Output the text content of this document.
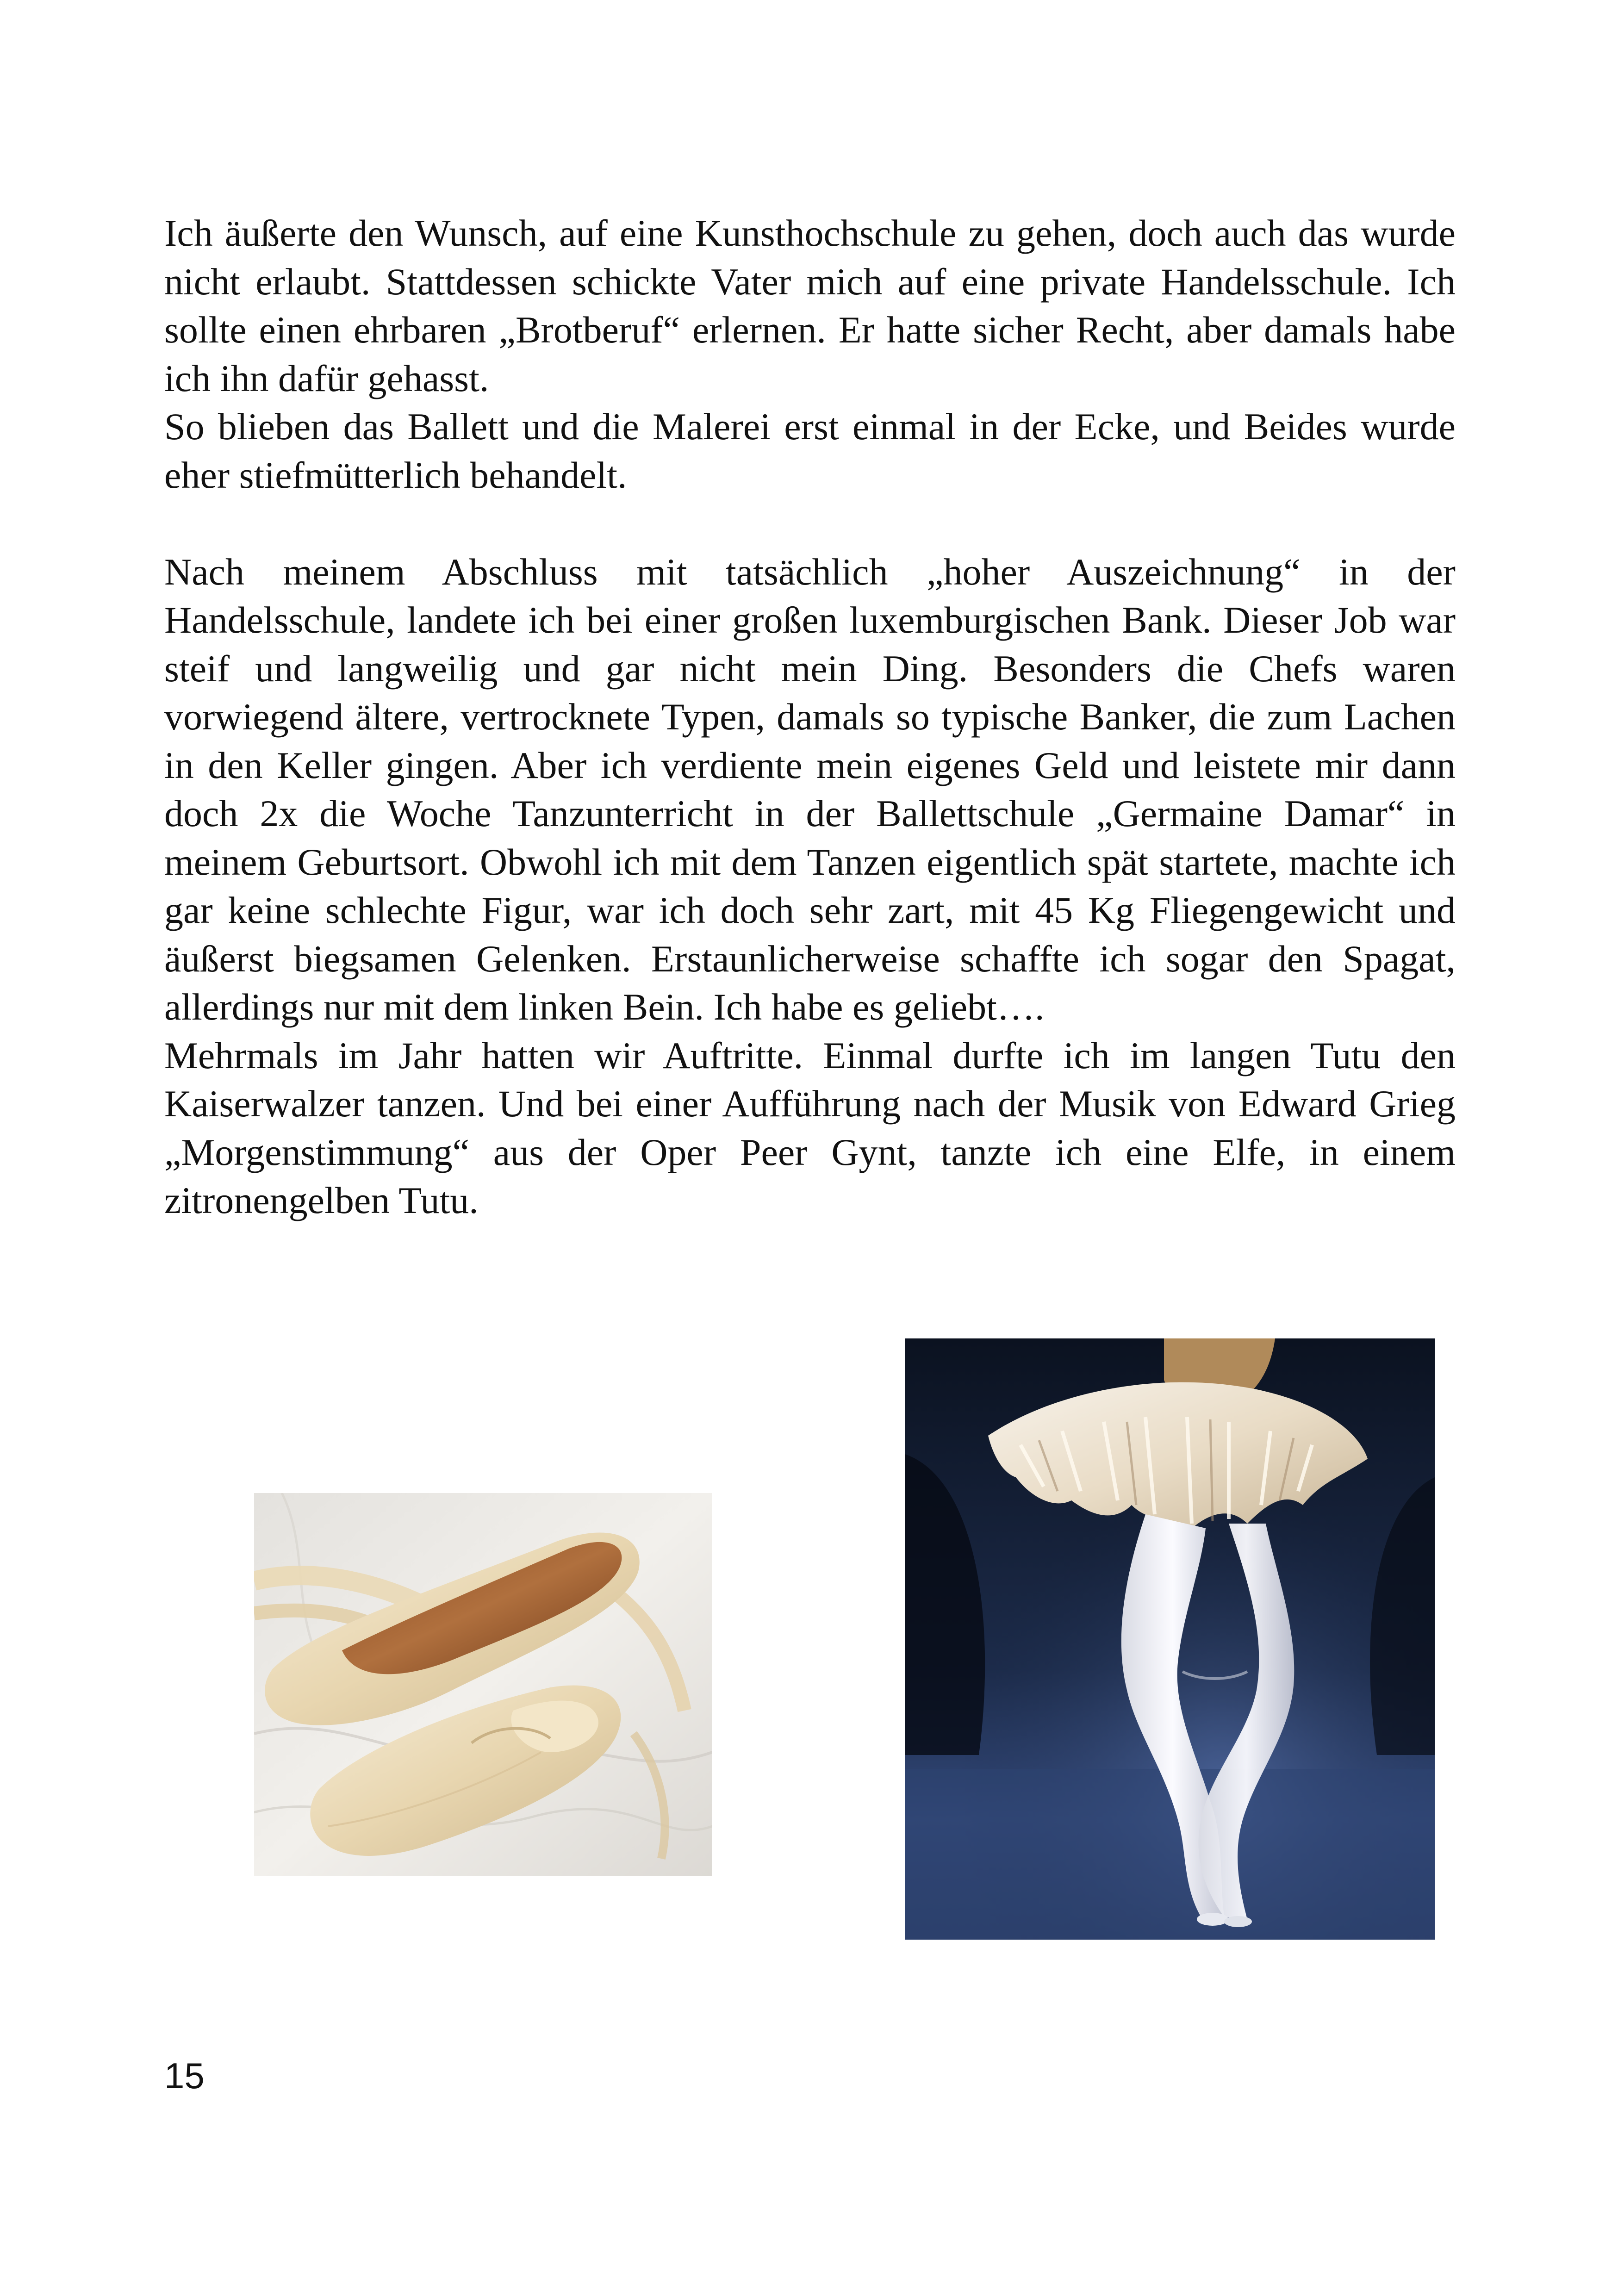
Ich äußerte den Wunsch, auf eine Kunsthochschule zu gehen, doch auch das wurde nicht erlaubt. Stattdessen schickte Vater mich auf eine private Handelsschule. Ich sollte einen ehrbaren „Brotberuf“ erlernen. Er hatte sicher Recht, aber damals habe ich ihn dafür gehasst.

So blieben das Ballett und die Malerei erst einmal in der Ecke, und Beides wurde eher stiefmütterlich behandelt.

Nach meinem Abschluss mit tatsächlich „hoher Auszeichnung“ in der Handelsschule, landete ich bei einer großen luxemburgischen Bank. Dieser Job war steif und langweilig und gar nicht mein Ding. Besonders die Chefs waren vorwiegend ältere, vertrocknete Typen, damals so typische Banker, die zum Lachen in den Keller gingen. Aber ich verdiente mein eigenes Geld und leistete mir dann doch 2x die Woche Tanzunterricht in der Ballettschule „Germaine Damar“ in meinem Geburtsort. Obwohl ich mit dem Tanzen eigentlich spät startete, machte ich gar keine schlechte Figur, war ich doch sehr zart, mit 45 Kg Fliegengewicht und äußerst biegsamen Gelenken. Erstaunlicherweise schaffte ich sogar den Spagat, allerdings nur mit dem linken Bein. Ich habe es geliebt….

Mehrmals im Jahr hatten wir Auftritte. Einmal durfte ich im langen Tutu den Kaiserwalzer tanzen. Und bei einer Aufführung nach der Musik von Edward Grieg „Morgenstimmung“ aus der Oper Peer Gynt, tanzte ich eine Elfe, in einem zitronengelben Tutu.

15
